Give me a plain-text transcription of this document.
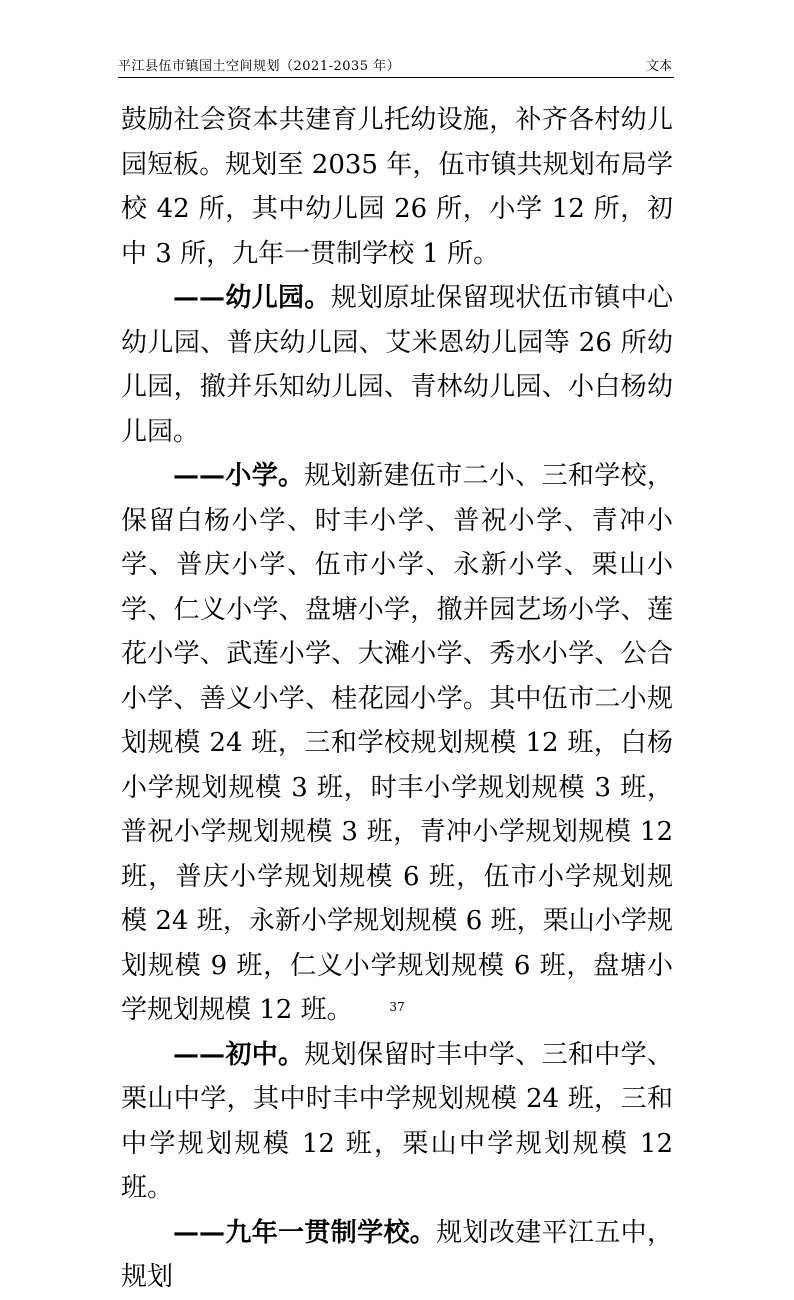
平江县伍市镇国土空间规划（2021-2035 年）	文本

鼓励社会资本共建育儿托幼设施，补齐各村幼儿园短板。规划至 2035 年，伍市镇共规划布局学校 42 所，其中幼儿园 26 所，小学 12 所，初中 3 所，九年一贯制学校 1 所。

——幼儿园。规划原址保留现状伍市镇中心幼儿园、普庆幼儿园、艾米恩幼儿园等 26 所幼儿园，撤并乐知幼儿园、青林幼儿园、小白杨幼儿园。

——小学。规划新建伍市二小、三和学校，保留白杨小学、时丰小学、普祝小学、青冲小学、普庆小学、伍市小学、永新小学、栗山小学、仁义小学、盘塘小学，撤并园艺场小学、莲花小学、武莲小学、大滩小学、秀水小学、公合小学、善义小学、桂花园小学。其中伍市二小规划规模 24 班，三和学校规划规模 12 班，白杨小学规划规模 3 班，时丰小学规划规模 3 班，普祝小学规划规模 3 班，青冲小学规划规模 12 班，普庆小学规划规模 6 班，伍市小学规划规模 24 班，永新小学规划规模 6 班，栗山小学规划规模 9 班，仁义小学规划规模 6 班，盘塘小学规划规模 12 班。

——初中。规划保留时丰中学、三和中学、栗山中学，其中时丰中学规划规模 24 班，三和中学规划规模 12 班，栗山中学规划规模 12 班。

——九年一贯制学校。规划改建平江五中，规划

37
